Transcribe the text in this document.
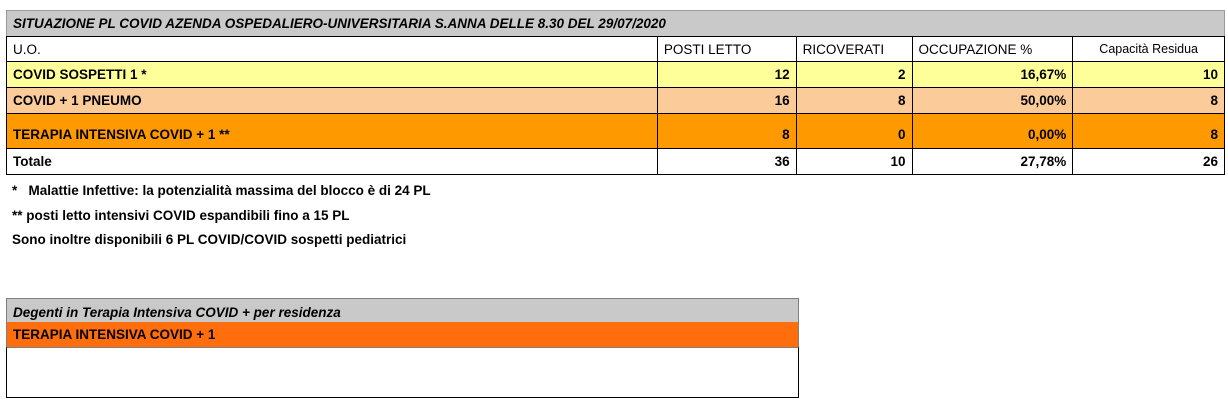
SITUAZIONE PL COVID AZENDA OSPEDALIERO-UNIVERSITARIA S.ANNA DELLE 8.30 DEL 29/07/2020
U.O.	POSTI LETTO	RICOVERATI	OCCUPAZIONE %	Capacità Residua
COVID SOSPETTI 1 *	12	2	16,67%	10
COVID + 1 PNEUMO	16	8	50,00%	8
TERAPIA INTENSIVA COVID + 1 **	8	0	0,00%	8
Totale	36	10	27,78%	26
*   Malattie Infettive: la potenzialità massima del blocco è di 24 PL
** posti letto intensivi COVID espandibili fino a 15 PL
Sono inoltre disponibili 6 PL COVID/COVID sospetti pediatrici
Degenti in Terapia Intensiva COVID + per residenza
TERAPIA INTENSIVA COVID + 1
